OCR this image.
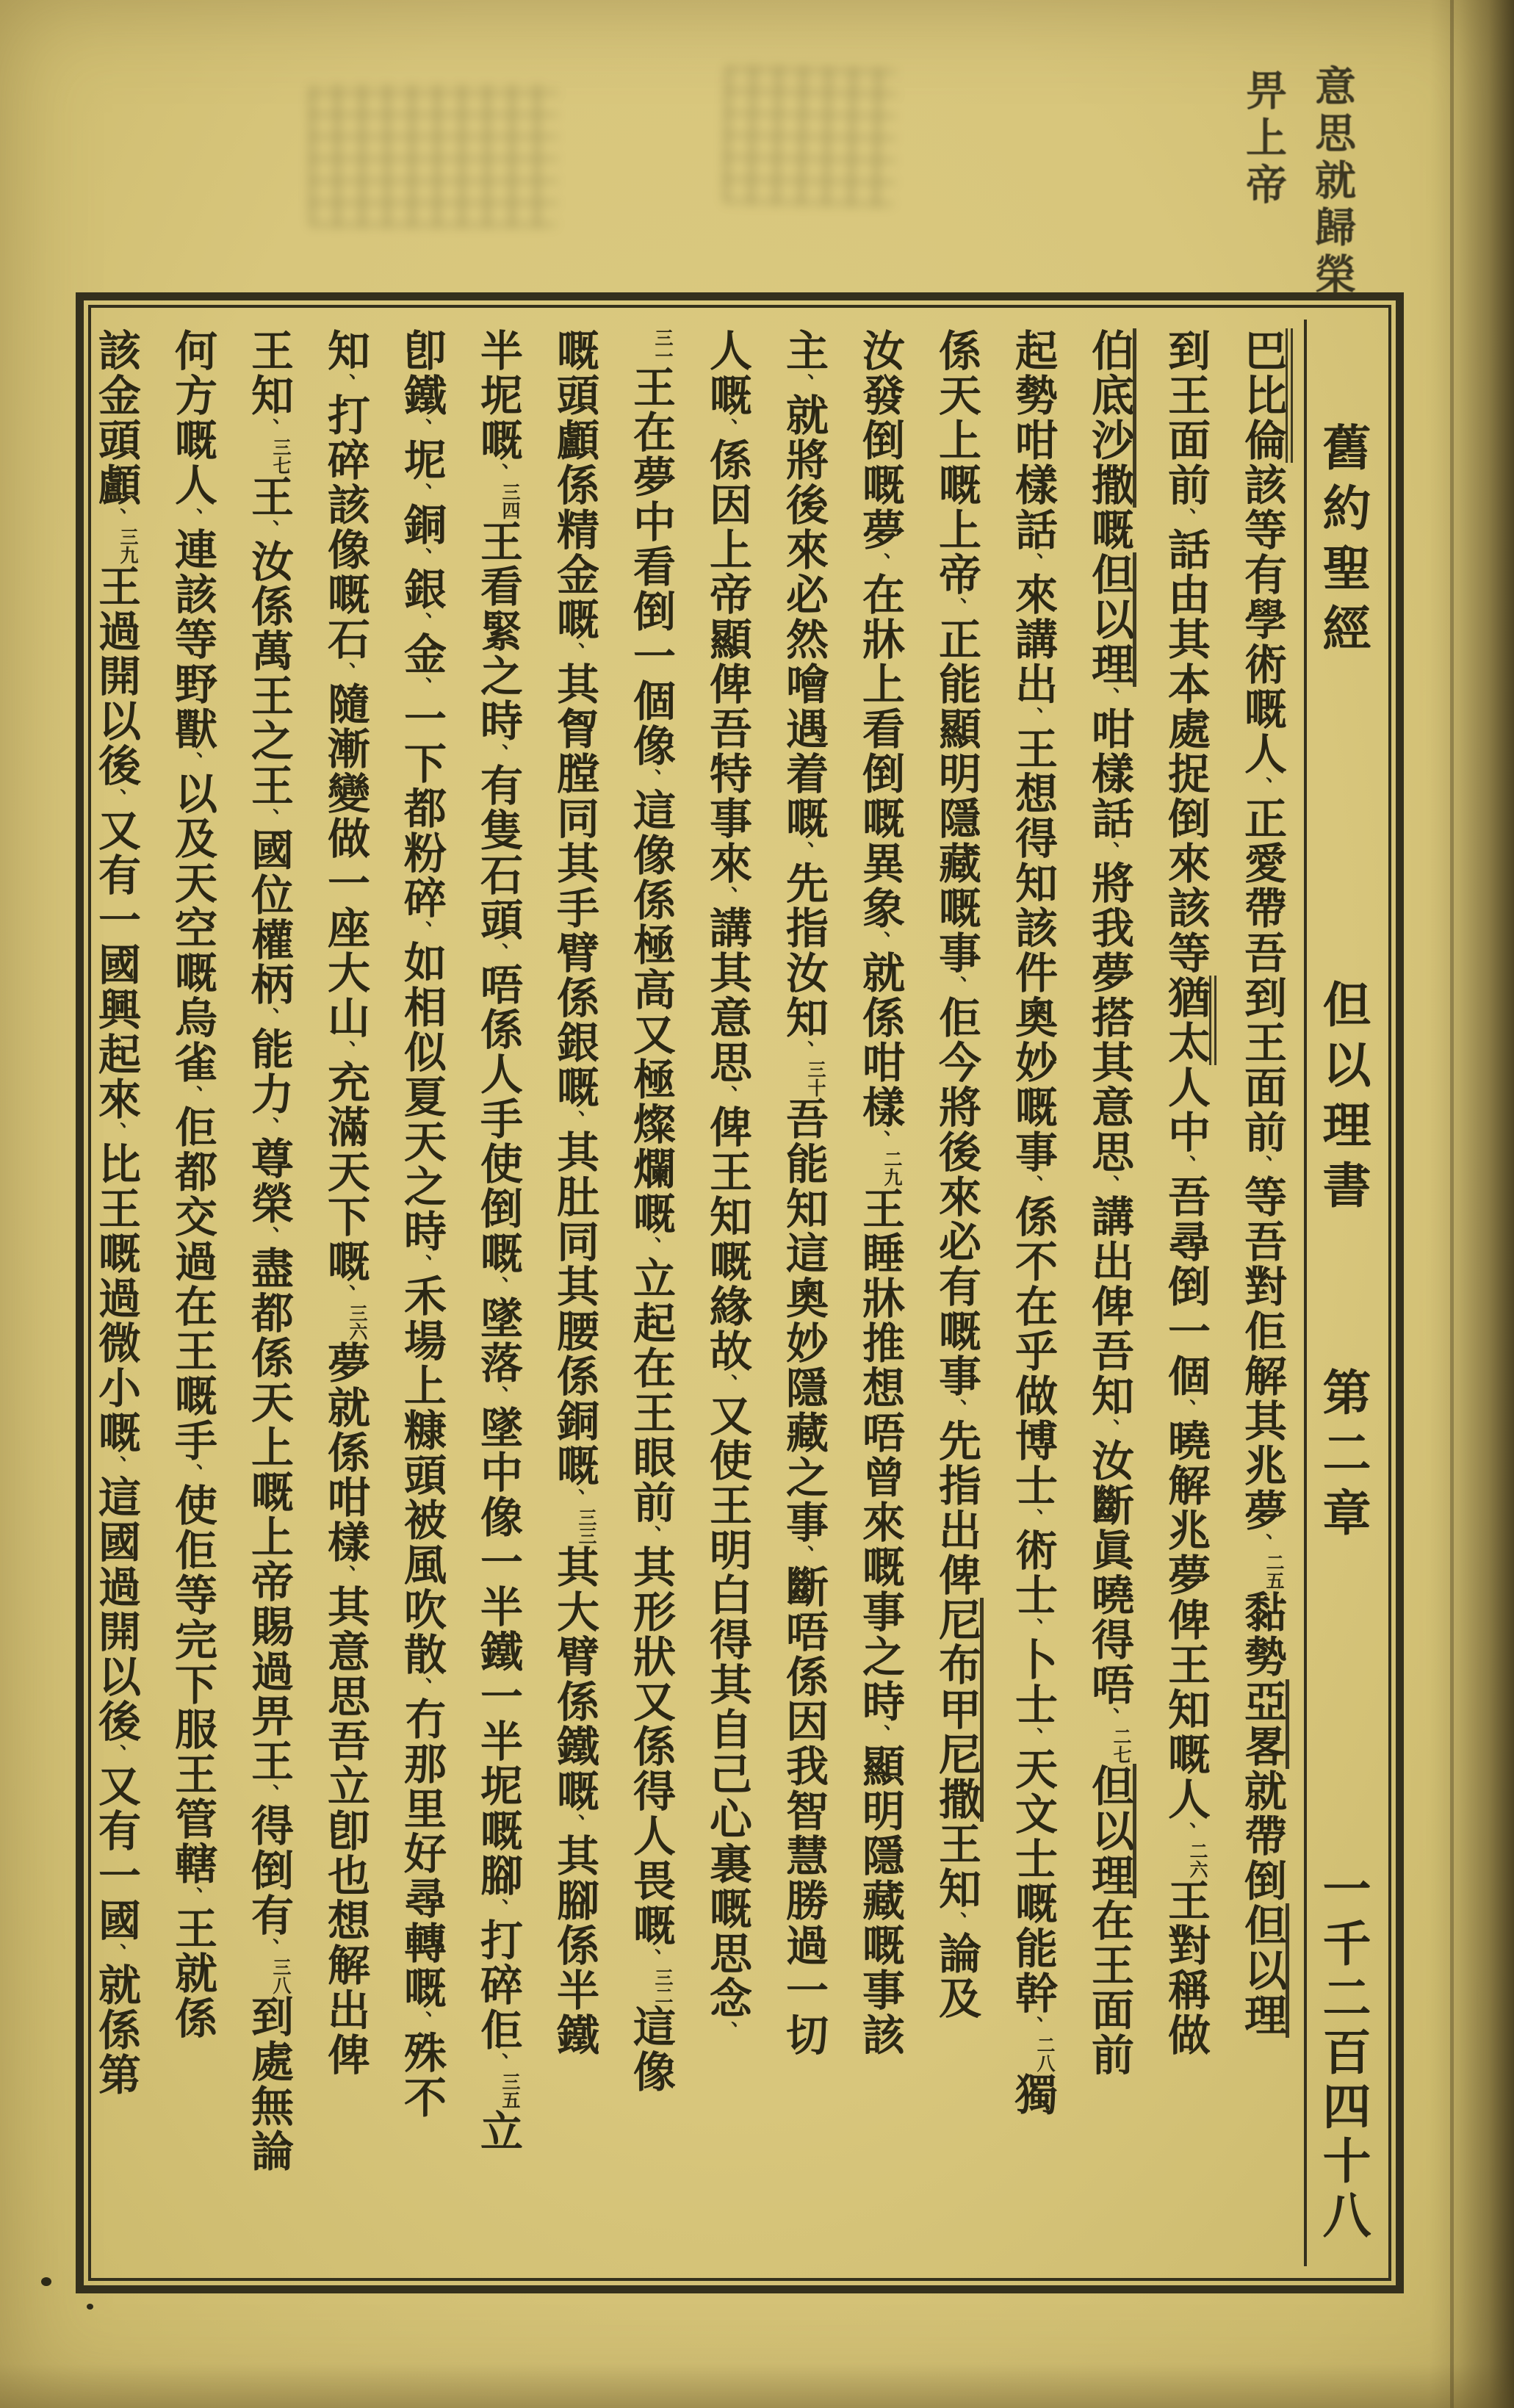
意思就歸榮
畀上帝
舊約聖經
但以理書
第二章
一千二百四十八
巴比倫該等有學術嘅人、正愛帶吾到王面前、等吾對佢解其兆夢、二五黏勢亞畧就帶倒但以理
到王面前、話由其本處捉倒來該等猶太人中、吾尋倒一個、曉解兆夢俾王知嘅人、二六王對稱做
伯底沙撒嘅但以理、咁樣話、將我夢搭其意思、講出俾吾知、汝斷眞曉得唔、二七但以理在王面前
起勢咁樣話、來講出、王想得知該件奧妙嘅事、係不在乎做博士、術士、卜士、天文士嘅能幹、二八獨
係天上嘅上帝、正能顯明隱藏嘅事、佢今將後來必有嘅事、先指出俾尼布甲尼撒王知、論及
汝發倒嘅夢、在牀上看倒嘅異象、就係咁樣、二九王睡牀推想唔曾來嘅事之時、顯明隱藏嘅事該
主、就將後來必然噲遇着嘅、先指汝知、三十吾能知這奧妙隱藏之事、斷唔係因我智慧勝過一切
人嘅、係因上帝顯俾吾特事來、講其意思、俾王知嘅緣故、又使王明白得其自己心裏嘅思念、
三一王在夢中看倒一個像、這像係極高又極燦爛嘅、立起在王眼前、其形狀又係得人畏嘅、三二這像
嘅頭顱係精金嘅、其胷膛同其手臂係銀嘅、其肚同其腰係銅嘅、三三其大臂係鐵嘅、其腳係半鐵
半坭嘅、三四王看緊之時、有隻石頭、唔係人手使倒嘅、墜落、墜中像一半鐵一半坭嘅腳、打碎佢、三五立
卽鐵、坭、銅、銀、金、一下都粉碎、如相似夏天之時、禾場上糠頭被風吹散、冇那里好尋轉嘅、殊不
知、打碎該像嘅石、隨漸變做一座大山、充滿天下嘅、三六夢就係咁樣、其意思吾立卽也想解出俾
王知、三七王、汝係萬王之王、國位權柄、能力、尊榮、盡都係天上嘅上帝賜過畀王、得倒有、三八到處無論
何方嘅人、連該等野獸、以及天空嘅烏雀、佢都交過在王嘅手、使佢等完下服王管轄、王就係
該金頭顱、三九王過開以後、又有一國興起來、比王嘅過微小嘅、這國過開以後、又有一國、就係第
